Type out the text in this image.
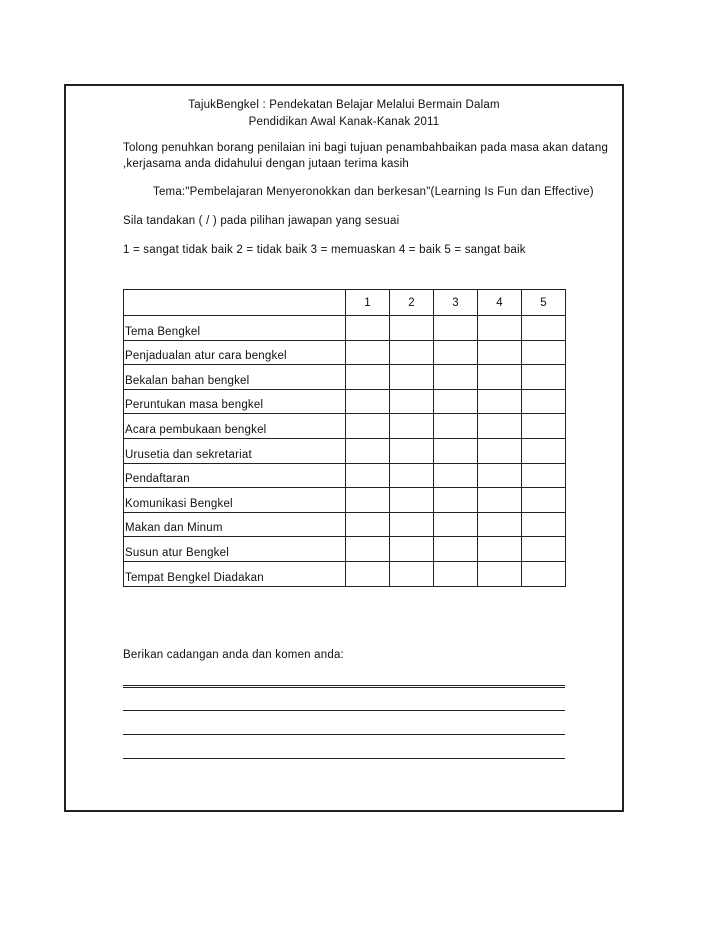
TajukBengkel : Pendekatan Belajar Melalui Bermain Dalam
Pendidikan Awal Kanak-Kanak 2011
Tolong penuhkan borang penilaian ini bagi tujuan penambahbaikan pada masa akan datang
,kerjasama anda didahului dengan jutaan terima kasih
Tema:"Pembelajaran Menyeronokkan dan berkesan"(Learning Is Fun dan Effective)
Sila tandakan ( / ) pada pilihan jawapan yang sesuai
1 = sangat tidak baik 2 = tidak baik 3 = memuaskan 4 = baik 5 = sangat baik
	1	2	3	4	5
Tema Bengkel					
Penjadualan atur cara bengkel					
Bekalan bahan bengkel					
Peruntukan masa bengkel					
Acara pembukaan bengkel					
Urusetia dan sekretariat					
Pendaftaran					
Komunikasi Bengkel					
Makan dan Minum					
Susun atur Bengkel					
Tempat Bengkel Diadakan					
Berikan cadangan anda dan komen anda:
